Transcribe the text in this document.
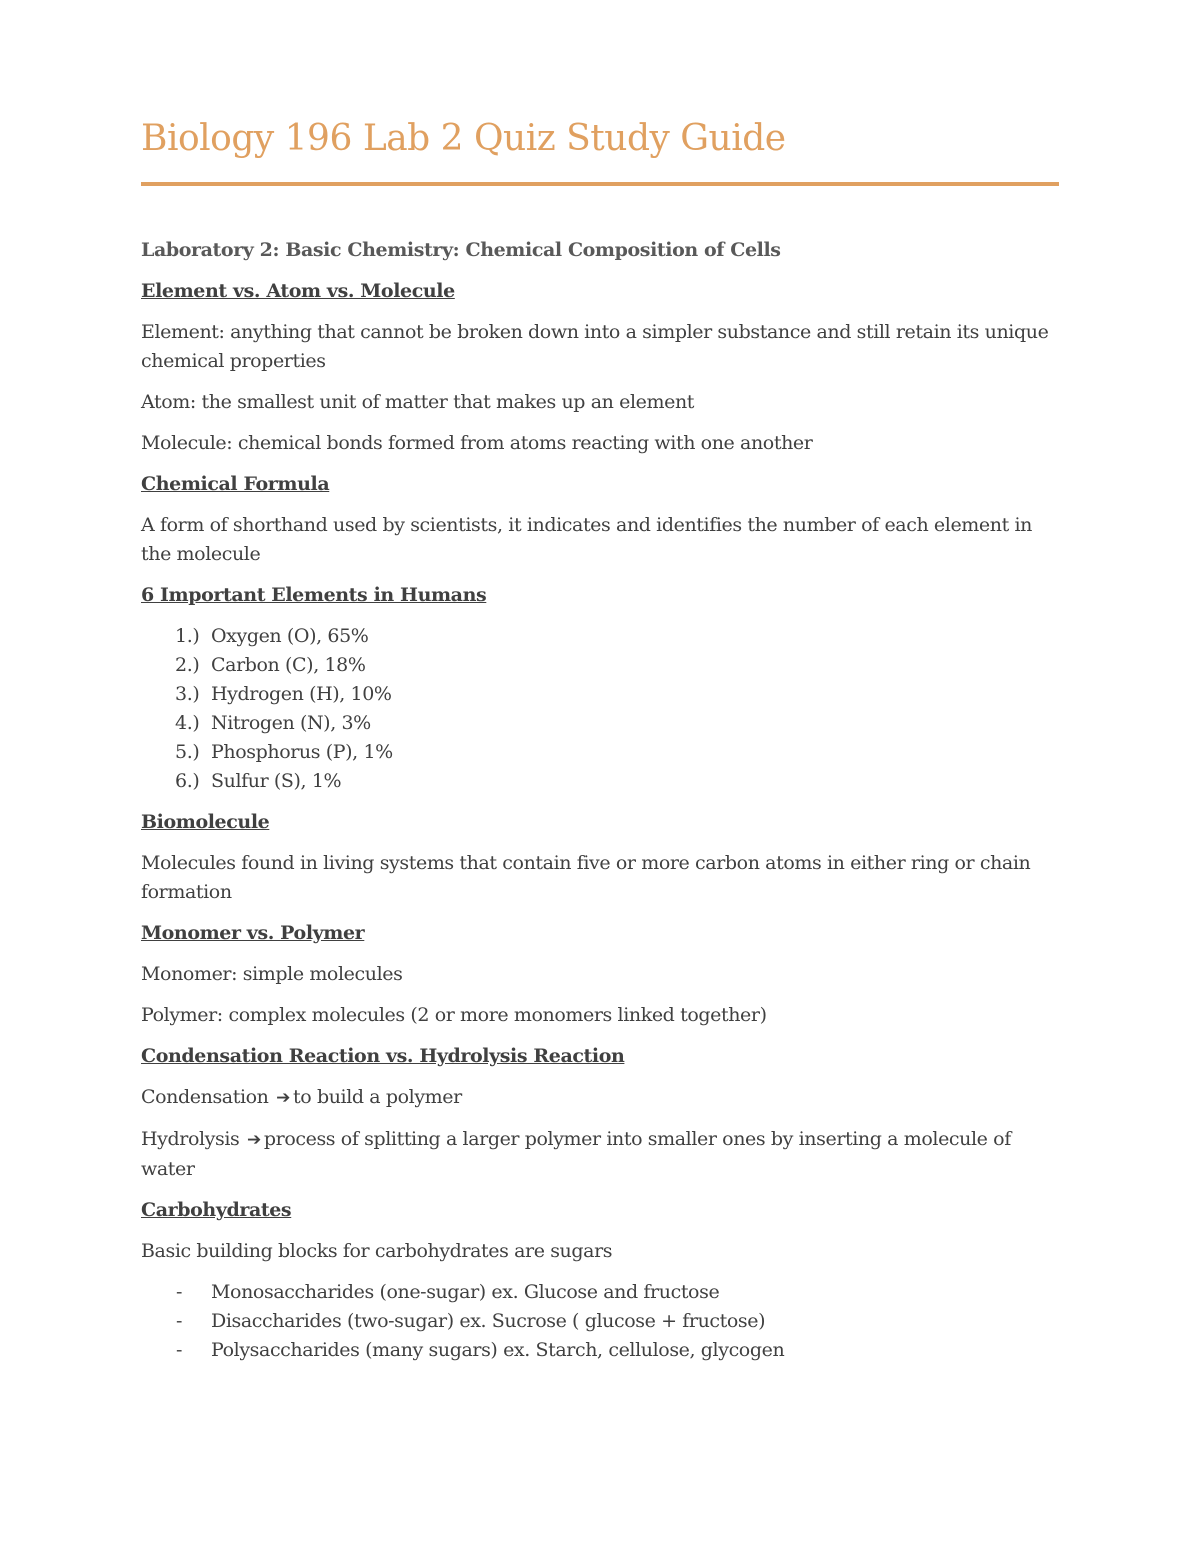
Biology 196 Lab 2 Quiz Study Guide

Laboratory 2: Basic Chemistry: Chemical Composition of Cells

Element vs. Atom vs. Molecule

Element: anything that cannot be broken down into a simpler substance and still retain its unique chemical properties

Atom: the smallest unit of matter that makes up an element

Molecule: chemical bonds formed from atoms reacting with one another

Chemical Formula

A form of shorthand used by scientists, it indicates and identifies the number of each element in the molecule

6 Important Elements in Humans

1.) Oxygen (O), 65%
2.) Carbon (C), 18%
3.) Hydrogen (H), 10%
4.) Nitrogen (N), 3%
5.) Phosphorus (P), 1%
6.) Sulfur (S), 1%

Biomolecule

Molecules found in living systems that contain five or more carbon atoms in either ring or chain formation

Monomer vs. Polymer

Monomer: simple molecules

Polymer: complex molecules (2 or more monomers linked together)

Condensation Reaction vs. Hydrolysis Reaction

Condensation ➔ to build a polymer

Hydrolysis ➔ process of splitting a larger polymer into smaller ones by inserting a molecule of water

Carbohydrates

Basic building blocks for carbohydrates are sugars

- Monosaccharides (one-sugar) ex. Glucose and fructose
- Disaccharides (two-sugar) ex. Sucrose ( glucose + fructose)
- Polysaccharides (many sugars) ex. Starch, cellulose, glycogen
